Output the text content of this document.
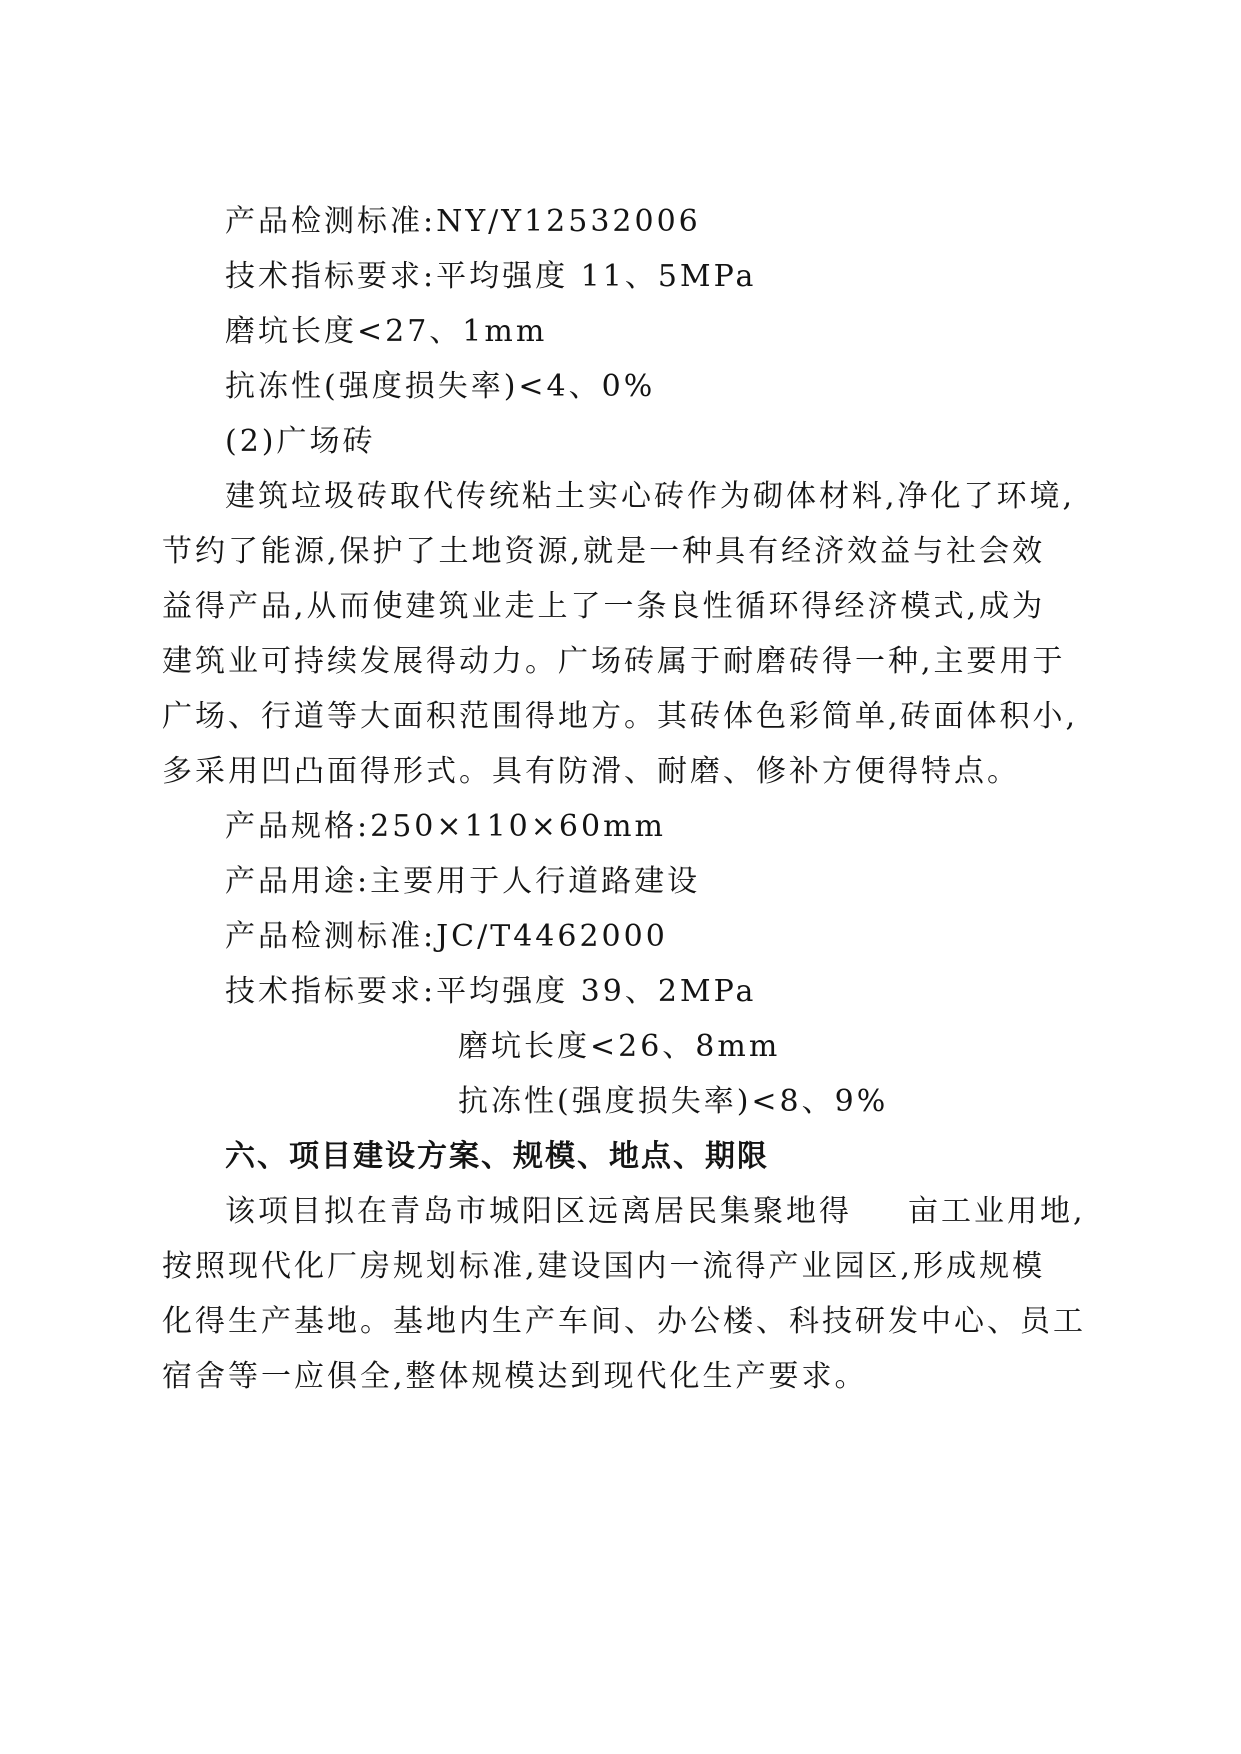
产品检测标准:NY/Y12532006
技术指标要求:平均强度 11、5MPa
磨坑长度<27、1mm
抗冻性(强度损失率)<4、0%
(2)广场砖
建筑垃圾砖取代传统粘土实心砖作为砌体材料,净化了环境,
节约了能源,保护了土地资源,就是一种具有经济效益与社会效
益得产品,从而使建筑业走上了一条良性循环得经济模式,成为
建筑业可持续发展得动力。广场砖属于耐磨砖得一种,主要用于
广场、行道等大面积范围得地方。其砖体色彩简单,砖面体积小,
多采用凹凸面得形式。具有防滑、耐磨、修补方便得特点。
产品规格:250×110×60mm
产品用途:主要用于人行道路建设
产品检测标准:JC/T4462000
技术指标要求:平均强度 39、2MPa
磨坑长度<26、8mm
抗冻性(强度损失率)<8、9%
六、项目建设方案、规模、地点、期限
该项目拟在青岛市城阳区远离居民集聚地得 亩工业用地,
按照现代化厂房规划标准,建设国内一流得产业园区,形成规模
化得生产基地。基地内生产车间、办公楼、科技研发中心、员工
宿舍等一应俱全,整体规模达到现代化生产要求。
